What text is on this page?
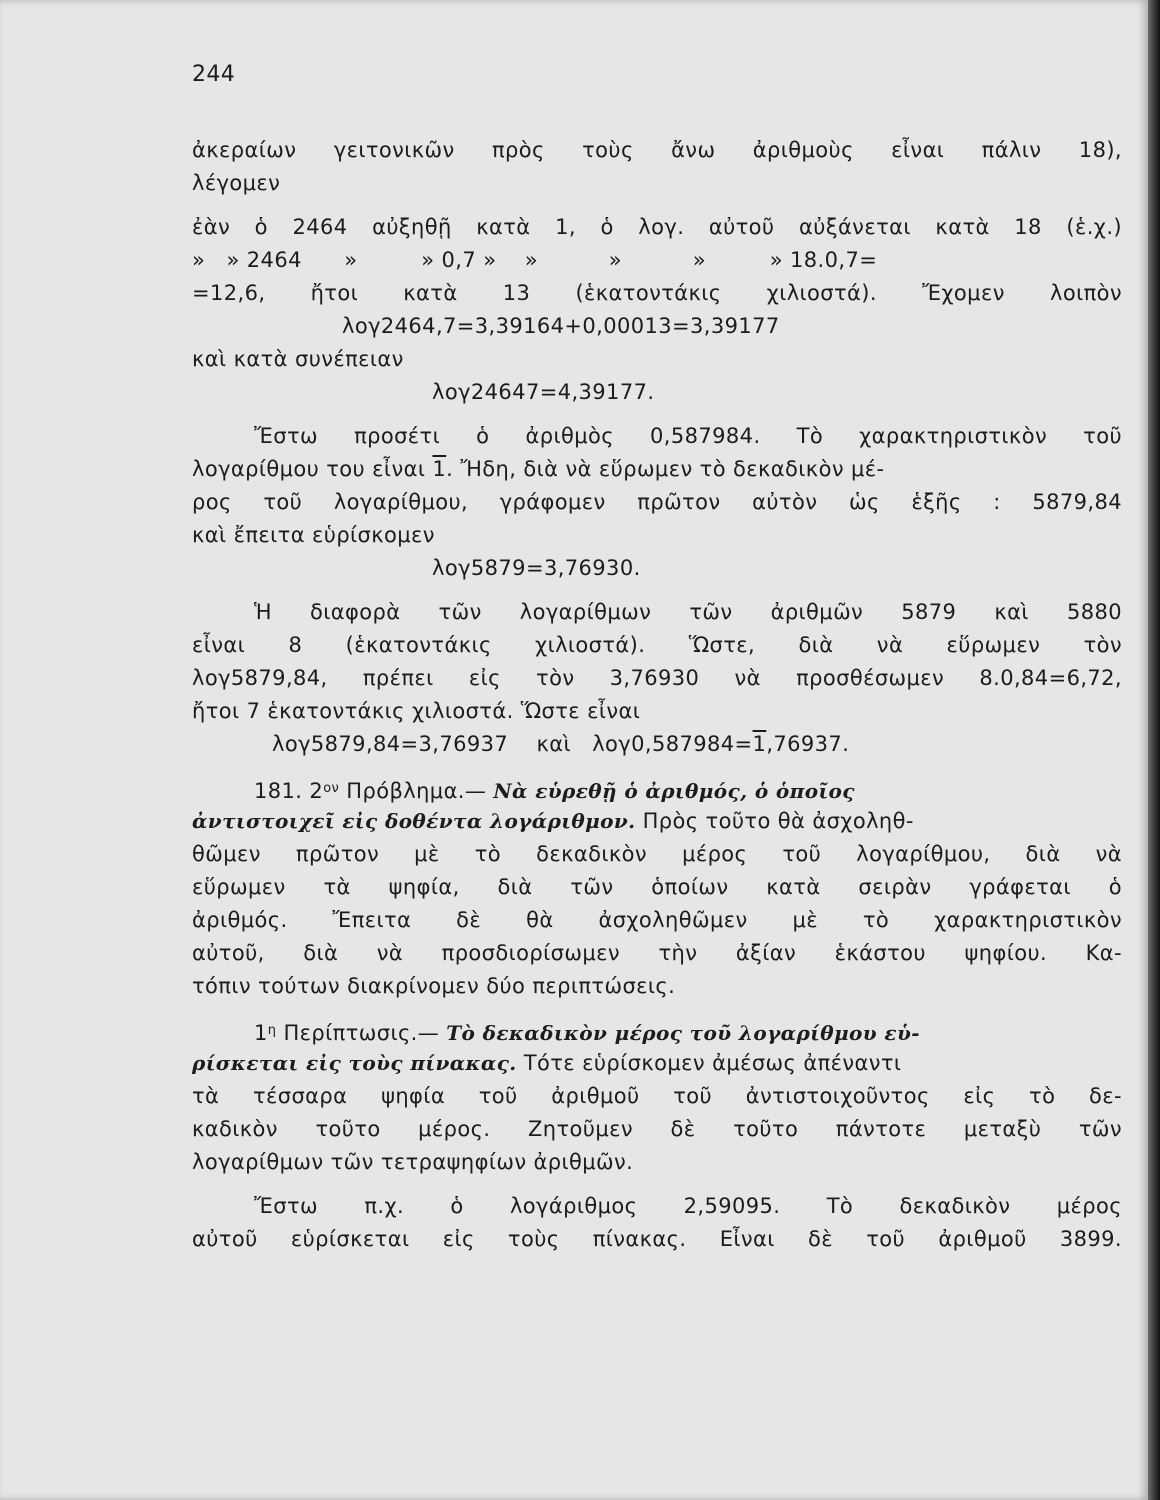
244
ἀκεραίων γειτονικῶν πρὸς τοὺς ἄνω ἀριθμοὺς εἶναι πάλιν 18),
λέγομεν
ἐὰν ὁ 2464 αὐξηθῇ κατὰ 1, ὁ λογ. αὐτοῦ αὐξάνεται κατὰ 18 (ἑ.χ.)
»   » 2464      »         » 0,7 »    »          »          »         » 18.0,7=
=12,6, ἤτοι κατὰ 13 (ἑκατοντάκις χιλιοστά). Ἔχομεν λοιπὸν
λογ2464,7=3,39164+0,00013=3,39177
καὶ κατὰ συνέπειαν
λογ24647=4,39177.
Ἔστω προσέτι ὁ ἀριθμὸς 0,587984. Τὸ χαρακτηριστικὸν τοῦ
λογαρίθμου του εἶναι 1. Ἤδη, διὰ νὰ εὕρωμεν τὸ δεκαδικὸν μέ-
ρος τοῦ λογαρίθμου, γράφομεν πρῶτον αὐτὸν ὡς ἑξῆς : 5879,84
καὶ ἔπειτα εὑρίσκομεν
λογ5879=3,76930.
Ἡ διαφορὰ τῶν λογαρίθμων τῶν ἀριθμῶν 5879 καὶ 5880
εἶναι 8 (ἑκατοντάκις χιλιοστά). Ὥστε, διὰ νὰ εὕρωμεν τὸν
λογ5879,84, πρέπει εἰς τὸν 3,76930 νὰ προσθέσωμεν 8.0,84=6,72,
ἤτοι 7 ἑκατοντάκις χιλιοστά. Ὥστε εἶναι
λογ5879,84=3,76937    καὶ   λογ0,587984=1,76937.
181. $2^{o\nu}$ Πρόβλημα.— Νὰ εὑρεθῇ ὁ ἀριθμός, ὁ ὁποῖος
ἀντιστοιχεῖ εἰς δοθέντα λογάριθμον. Πρὸς τοῦτο θὰ ἀσχοληθ-
θῶμεν πρῶτον μὲ τὸ δεκαδικὸν μέρος τοῦ λογαρίθμου, διὰ νὰ
εὕρωμεν τὰ ψηφία, διὰ τῶν ὁποίων κατὰ σειρὰν γράφεται ὁ
ἀριθμός. Ἔπειτα δὲ θὰ ἀσχοληθῶμεν μὲ τὸ χαρακτηριστικὸν
αὐτοῦ, διὰ νὰ προσδιορίσωμεν τὴν ἀξίαν ἑκάστου ψηφίου. Κα-
τόπιν τούτων διακρίνομεν δύο περιπτώσεις.
$1^\eta$ Περίπτωσις.— Τὸ δεκαδικὸν μέρος τοῦ λογαρίθμου εὑ-
ρίσκεται εἰς τοὺς πίνακας. Τότε εὑρίσκομεν ἀμέσως ἀπέναντι
τὰ τέσσαρα ψηφία τοῦ ἀριθμοῦ τοῦ ἀντιστοιχοῦντος εἰς τὸ δε-
καδικὸν τοῦτο μέρος. Ζητοῦμεν δὲ τοῦτο πάντοτε μεταξὺ τῶν
λογαρίθμων τῶν τετραψηφίων ἀριθμῶν.
Ἔστω π.χ. ὁ λογάριθμος 2,59095. Τὸ δεκαδικὸν μέρος
αὐτοῦ εὑρίσκεται εἰς τοὺς πίνακας. Εἶναι δὲ τοῦ ἀριθμοῦ 3899.
